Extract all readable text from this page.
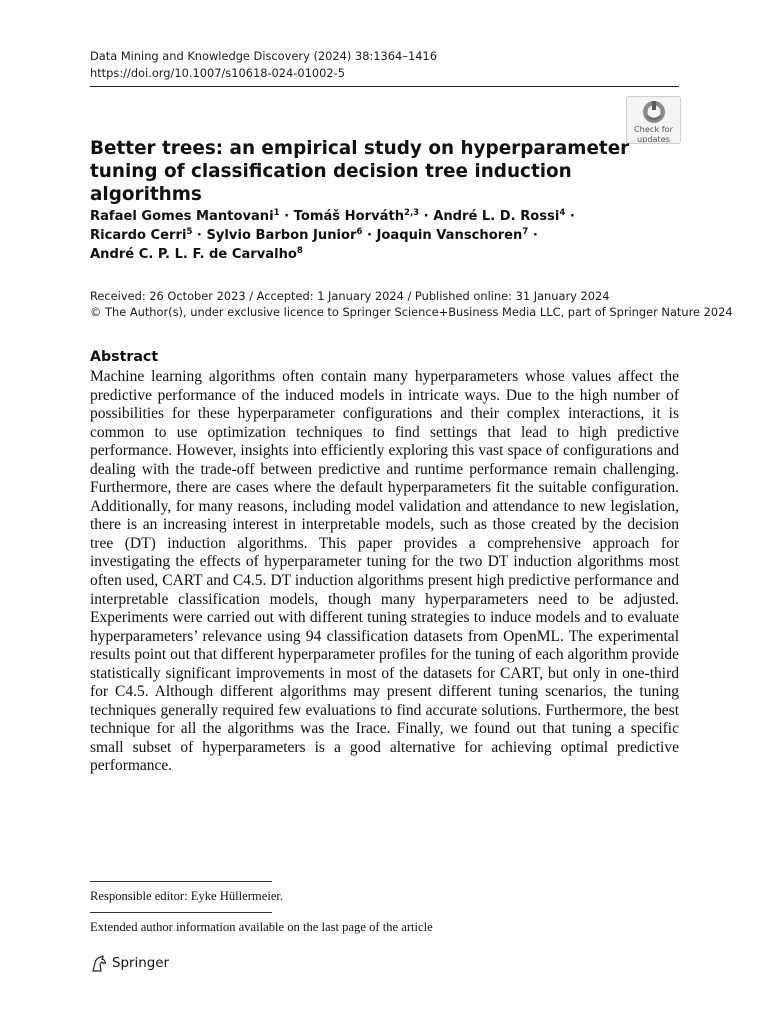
Data Mining and Knowledge Discovery (2024) 38:1364–1416
https://doi.org/10.1007/s10618-024-01002-5
Check for
updates
Better trees: an empirical study on hyperparameter tuning of classification decision tree induction algorithms
Rafael Gomes Mantovani$^1$ · Tomáš Horváth$^{2,3}$ · André L. D. Rossi$^4$ ·
Ricardo Cerri$^5$ · Sylvio Barbon Junior$^6$ · Joaquin Vanschoren$^7$ ·
André C. P. L. F. de Carvalho$^8$
Received: 26 October 2023 / Accepted: 1 January 2024 / Published online: 31 January 2024
© The Author(s), under exclusive licence to Springer Science+Business Media LLC, part of Springer Nature 2024
Abstract

Machine learning algorithms often contain many hyperparameters whose values affect the predictive performance of the induced models in intricate ways. Due to the high number of possibilities for these hyperparameter configurations and their complex interactions, it is common to use optimization techniques to find settings that lead to high predictive performance. However, insights into efficiently exploring this vast space of configurations and dealing with the trade-off between predictive and runtime performance remain challenging. Furthermore, there are cases where the default hyperparameters fit the suitable configuration. Additionally, for many reasons, including model validation and attendance to new legislation, there is an increasing interest in interpretable models, such as those created by the decision tree (DT) induction algorithms. This paper provides a comprehensive approach for investigating the effects of hyperparameter tuning for the two DT induction algorithms most often used, CART and C4.5. DT induction algorithms present high predictive performance and interpretable classification models, though many hyperparameters need to be adjusted. Experiments were carried out with different tuning strategies to induce models and to evaluate hyperparameters’ relevance using 94 classification datasets from OpenML. The experimental results point out that different hyperparameter profiles for the tuning of each algorithm provide statistically significant improvements in most of the datasets for CART, but only in one-third for C4.5. Although different algorithms may present different tuning scenarios, the tuning techniques generally required few evaluations to find accurate solutions. Furthermore, the best technique for all the algorithms was the Irace. Finally, we found out that tuning a specific small subset of hyperparameters is a good alternative for achieving optimal predictive performance.

Responsible editor: Eyke Hüllermeier.
Extended author information available on the last page of the article
Springer
